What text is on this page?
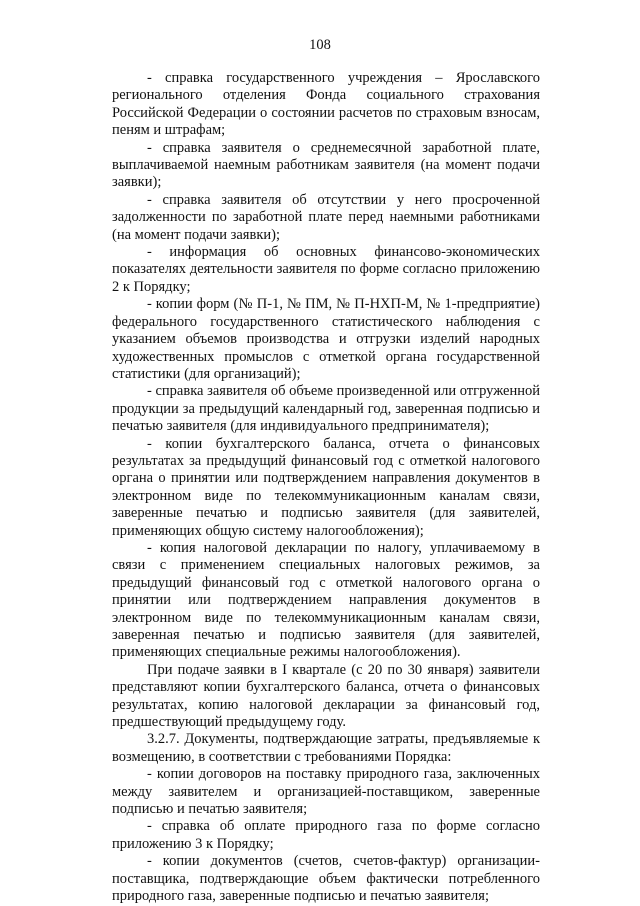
108

- справка государственного учреждения – Ярославского регионального отделения Фонда социального страхования Российской Федерации о состоянии расчетов по страховым взносам, пеням и штрафам;

- справка заявителя о среднемесячной заработной плате, выплачиваемой наемным работникам заявителя (на момент подачи заявки);

- справка заявителя об отсутствии у него просроченной задолженности по заработной плате перед наемными работниками (на момент подачи заявки);

- информация об основных финансово-экономических показателях деятельности заявителя по форме согласно приложению 2 к Порядку;

- копии форм (№ П-1, № ПМ, № П-НХП-М, № 1-предприятие) федерального государственного статистического наблюдения с указанием объемов производства и отгрузки изделий народных художественных промыслов с отметкой органа государственной статистики (для организаций);

- справка заявителя об объеме произведенной или отгруженной продукции за предыдущий календарный год, заверенная подписью и печатью заявителя (для индивидуального предпринимателя);

- копии бухгалтерского баланса, отчета о финансовых результатах за предыдущий финансовый год с отметкой налогового органа о принятии или подтверждением направления документов в электронном виде по телекоммуникационным каналам связи, заверенные печатью и подписью заявителя (для заявителей, применяющих общую систему налогообложения);

- копия налоговой декларации по налогу, уплачиваемому в связи с применением специальных налоговых режимов, за предыдущий финансовый год с отметкой налогового органа о принятии или подтверждением направления документов в электронном виде по телекоммуникационным каналам связи, заверенная печатью и подписью заявителя (для заявителей, применяющих специальные режимы налогообложения).

При подаче заявки в I квартале (с 20 по 30 января) заявители представляют копии бухгалтерского баланса, отчета о финансовых результатах, копию налоговой декларации за финансовый год, предшествующий предыдущему году.

3.2.7. Документы, подтверждающие затраты, предъявляемые к возмещению, в соответствии с требованиями Порядка:

- копии договоров на поставку природного газа, заключенных между заявителем и организацией-поставщиком, заверенные подписью и печатью заявителя;

- справка об оплате природного газа по форме согласно приложению 3 к Порядку;

- копии документов (счетов, счетов-фактур) организации-поставщика, подтверждающие объем фактически потребленного природного газа, заверенные подписью и печатью заявителя;
